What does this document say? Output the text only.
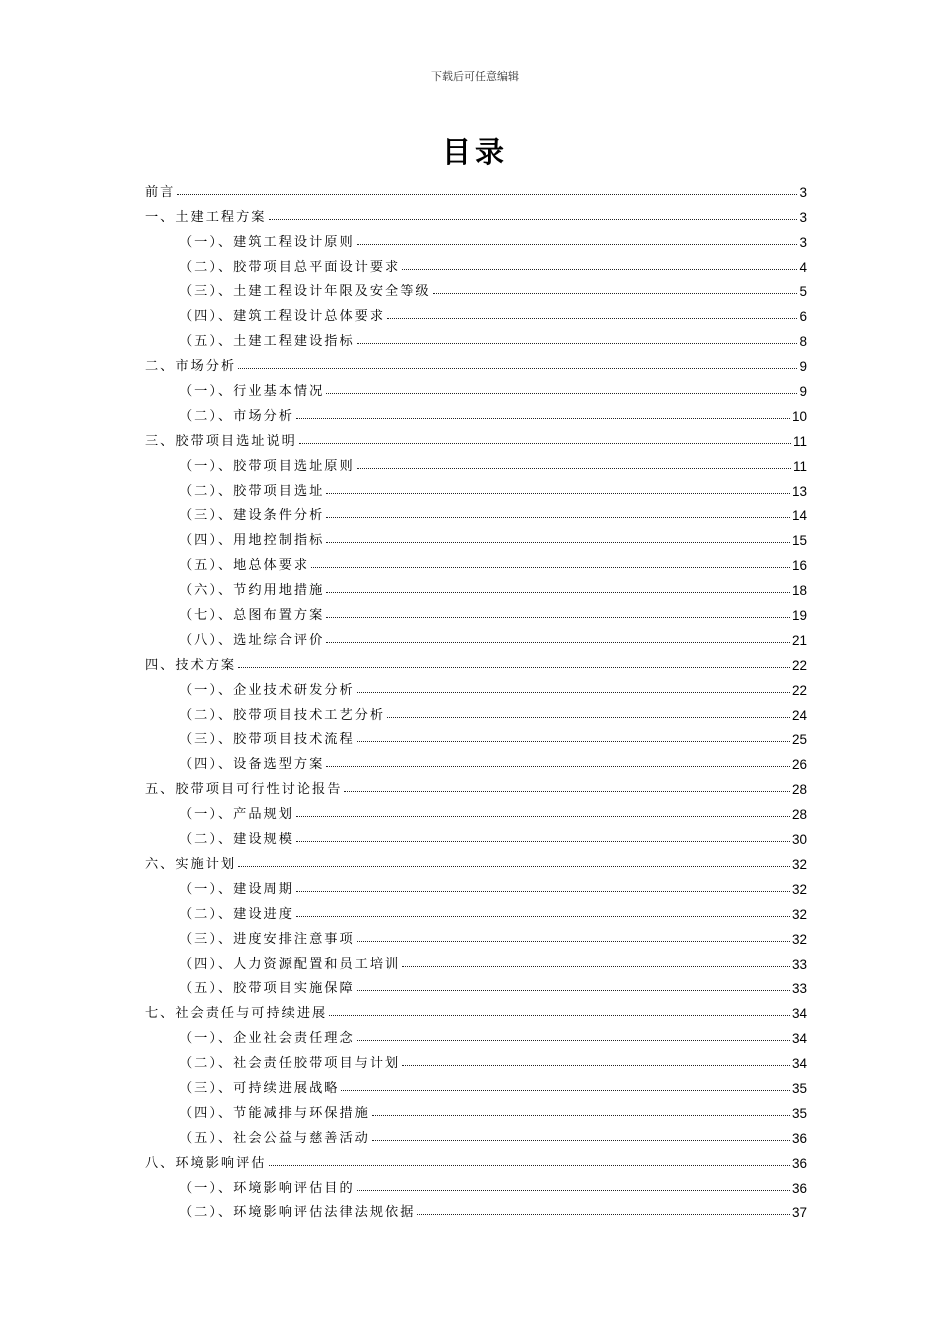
下载后可任意编辑
目录
前言	3
一、土建工程方案	3
（一）、建筑工程设计原则	3
（二）、胶带项目总平面设计要求	4
（三）、土建工程设计年限及安全等级	5
（四）、建筑工程设计总体要求	6
（五）、土建工程建设指标	8
二、市场分析	9
（一）、行业基本情况	9
（二）、市场分析	10
三、胶带项目选址说明	11
（一）、胶带项目选址原则	11
（二）、胶带项目选址	13
（三）、建设条件分析	14
（四）、用地控制指标	15
（五）、地总体要求	16
（六）、节约用地措施	18
（七）、总图布置方案	19
（八）、选址综合评价	21
四、技术方案	22
（一）、企业技术研发分析	22
（二）、胶带项目技术工艺分析	24
（三）、胶带项目技术流程	25
（四）、设备选型方案	26
五、胶带项目可行性讨论报告	28
（一）、产品规划	28
（二）、建设规模	30
六、实施计划	32
（一）、建设周期	32
（二）、建设进度	32
（三）、进度安排注意事项	32
（四）、人力资源配置和员工培训	33
（五）、胶带项目实施保障	33
七、社会责任与可持续进展	34
（一）、企业社会责任理念	34
（二）、社会责任胶带项目与计划	34
（三）、可持续进展战略	35
（四）、节能减排与环保措施	35
（五）、社会公益与慈善活动	36
八、环境影响评估	36
（一）、环境影响评估目的	36
（二）、环境影响评估法律法规依据	37
